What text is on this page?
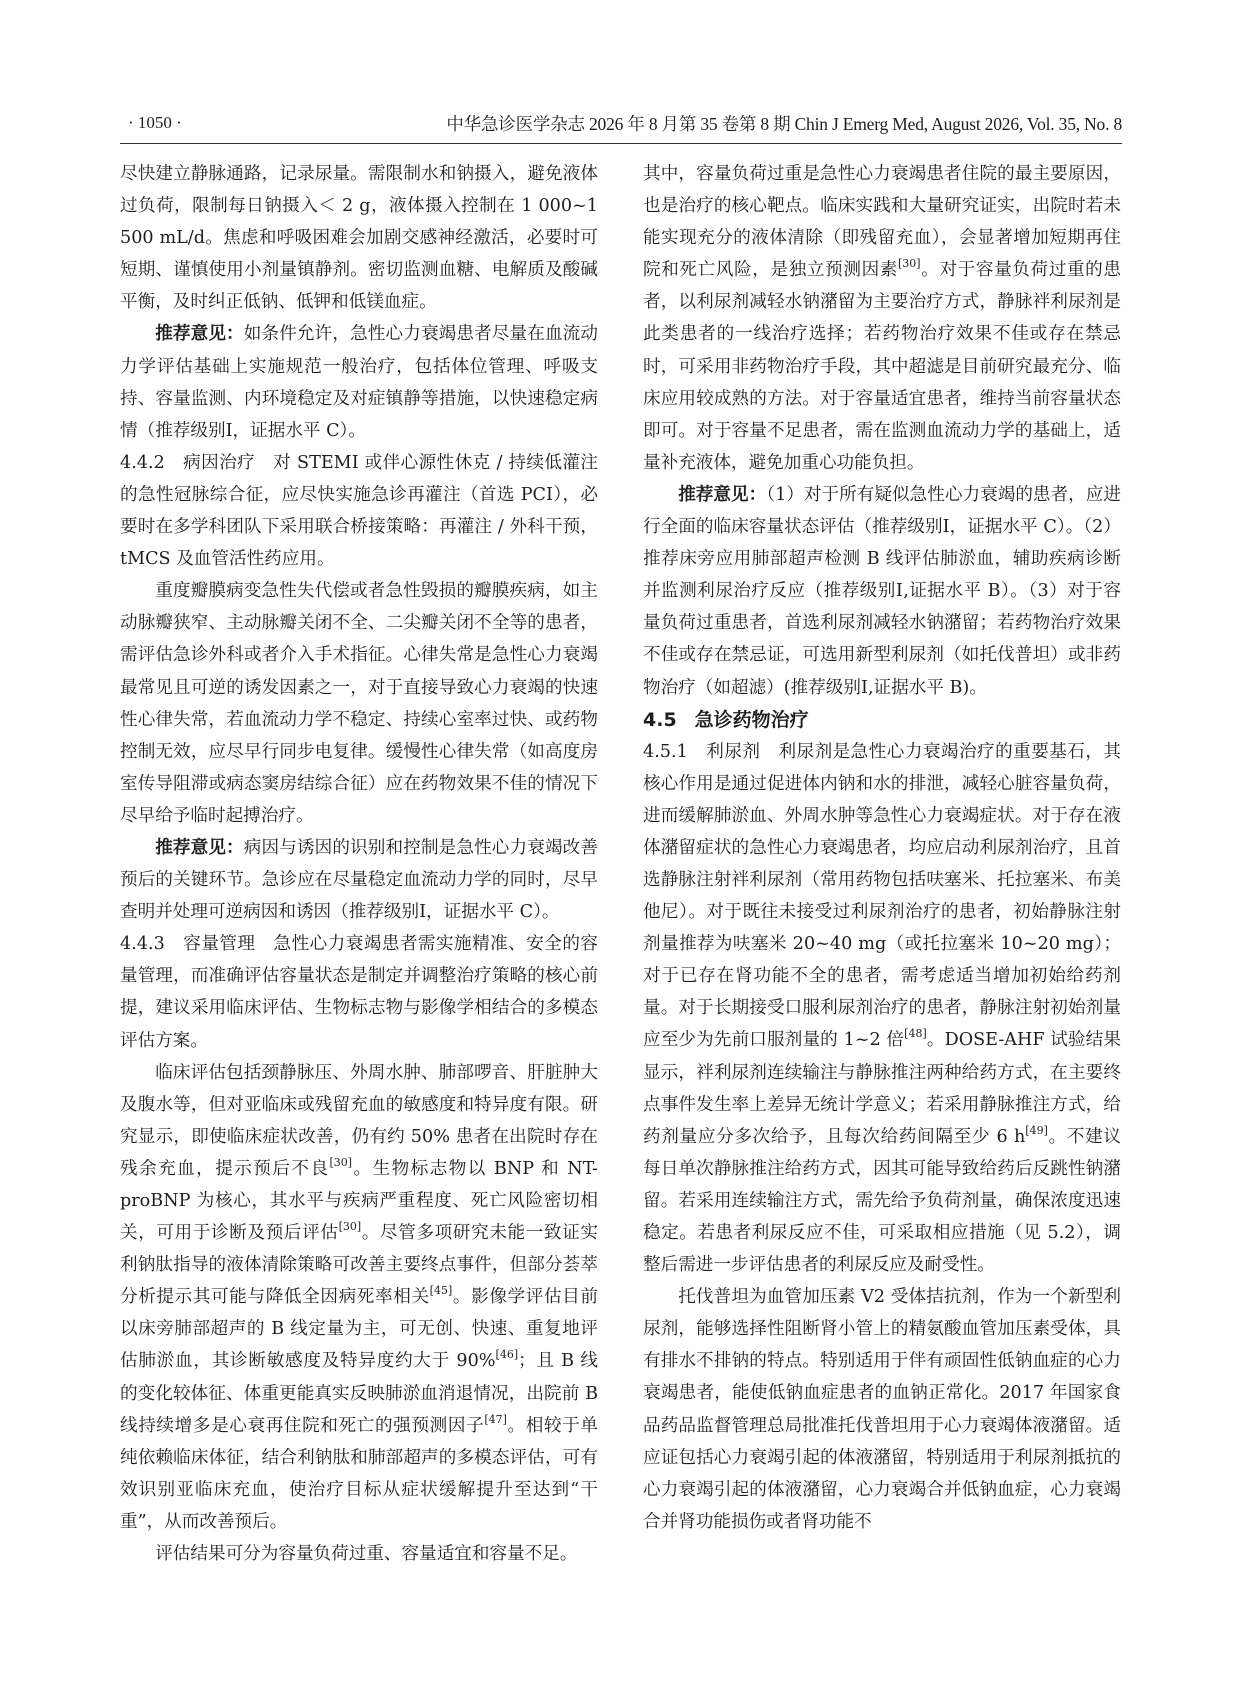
· 1050 ·	中华急诊医学杂志 2026 年 8 月第 35 卷第 8 期 Chin J Emerg Med, August 2026, Vol. 35, No. 8

尽快建立静脉通路，记录尿量。需限制水和钠摄入，避免液体过负荷，限制每日钠摄入＜ 2 g，液体摄入控制在 1 000~1 500 mL/d。焦虑和呼吸困难会加剧交感神经激活，必要时可短期、谨慎使用小剂量镇静剂。密切监测血糖、电解质及酸碱平衡，及时纠正低钠、低钾和低镁血症。

推荐意见：如条件允许，急性心力衰竭患者尽量在血流动力学评估基础上实施规范一般治疗，包括体位管理、呼吸支持、容量监测、内环境稳定及对症镇静等措施，以快速稳定病情（推荐级别Ⅰ，证据水平 C）。

4.4.2　病因治疗　对 STEMI 或伴心源性休克 / 持续低灌注的急性冠脉综合征，应尽快实施急诊再灌注（首选 PCI），必要时在多学科团队下采用联合桥接策略：再灌注 / 外科干预，tMCS 及血管活性药应用。

重度瓣膜病变急性失代偿或者急性毁损的瓣膜疾病，如主动脉瓣狭窄、主动脉瓣关闭不全、二尖瓣关闭不全等的患者，需评估急诊外科或者介入手术指征。心律失常是急性心力衰竭最常见且可逆的诱发因素之一，对于直接导致心力衰竭的快速性心律失常，若血流动力学不稳定、持续心室率过快、或药物控制无效，应尽早行同步电复律。缓慢性心律失常（如高度房室传导阻滞或病态窦房结综合征）应在药物效果不佳的情况下尽早给予临时起搏治疗。

推荐意见：病因与诱因的识别和控制是急性心力衰竭改善预后的关键环节。急诊应在尽量稳定血流动力学的同时，尽早查明并处理可逆病因和诱因（推荐级别Ⅰ，证据水平 C）。

4.4.3　容量管理　急性心力衰竭患者需实施精准、安全的容量管理，而准确评估容量状态是制定并调整治疗策略的核心前提，建议采用临床评估、生物标志物与影像学相结合的多模态评估方案。

临床评估包括颈静脉压、外周水肿、肺部啰音、肝脏肿大及腹水等，但对亚临床或残留充血的敏感度和特异度有限。研究显示，即使临床症状改善，仍有约 50% 患者在出院时存在残余充血，提示预后不良[30]。生物标志物以 BNP 和 NT-proBNP 为核心，其水平与疾病严重程度、死亡风险密切相关，可用于诊断及预后评估[30]。尽管多项研究未能一致证实利钠肽指导的液体清除策略可改善主要终点事件，但部分荟萃分析提示其可能与降低全因病死率相关[45]。影像学评估目前以床旁肺部超声的 B 线定量为主，可无创、快速、重复地评估肺淤血，其诊断敏感度及特异度约大于 90%[46]；且 B 线的变化较体征、体重更能真实反映肺淤血消退情况，出院前 B 线持续增多是心衰再住院和死亡的强预测因子[47]。相较于单纯依赖临床体征，结合利钠肽和肺部超声的多模态评估，可有效识别亚临床充血，使治疗目标从症状缓解提升至达到“干重”，从而改善预后。

评估结果可分为容量负荷过重、容量适宜和容量不足。

其中，容量负荷过重是急性心力衰竭患者住院的最主要原因，也是治疗的核心靶点。临床实践和大量研究证实，出院时若未能实现充分的液体清除（即残留充血），会显著增加短期再住院和死亡风险，是独立预测因素[30]。对于容量负荷过重的患者，以利尿剂减轻水钠潴留为主要治疗方式，静脉袢利尿剂是此类患者的一线治疗选择；若药物治疗效果不佳或存在禁忌时，可采用非药物治疗手段，其中超滤是目前研究最充分、临床应用较成熟的方法。对于容量适宜患者，维持当前容量状态即可。对于容量不足患者，需在监测血流动力学的基础上，适量补充液体，避免加重心功能负担。

推荐意见：（1）对于所有疑似急性心力衰竭的患者，应进行全面的临床容量状态评估（推荐级别Ⅰ，证据水平 C）。（2）推荐床旁应用肺部超声检测 B 线评估肺淤血，辅助疾病诊断并监测利尿治疗反应（推荐级别Ⅰ,证据水平 B）。（3）对于容量负荷过重患者，首选利尿剂减轻水钠潴留；若药物治疗效果不佳或存在禁忌证，可选用新型利尿剂（如托伐普坦）或非药物治疗（如超滤）(推荐级别Ⅰ,证据水平 B)。

4.5 急诊药物治疗

4.5.1　利尿剂　利尿剂是急性心力衰竭治疗的重要基石，其核心作用是通过促进体内钠和水的排泄，减轻心脏容量负荷，进而缓解肺淤血、外周水肿等急性心力衰竭症状。对于存在液体潴留症状的急性心力衰竭患者，均应启动利尿剂治疗，且首选静脉注射袢利尿剂（常用药物包括呋塞米、托拉塞米、布美他尼）。对于既往未接受过利尿剂治疗的患者，初始静脉注射剂量推荐为呋塞米 20~40 mg（或托拉塞米 10~20 mg）；对于已存在肾功能不全的患者，需考虑适当增加初始给药剂量。对于长期接受口服利尿剂治疗的患者，静脉注射初始剂量应至少为先前口服剂量的 1~2 倍[48]。DOSE-AHF 试验结果显示，袢利尿剂连续输注与静脉推注两种给药方式，在主要终点事件发生率上差异无统计学意义；若采用静脉推注方式，给药剂量应分多次给予，且每次给药间隔至少 6 h[49]。不建议每日单次静脉推注给药方式，因其可能导致给药后反跳性钠潴留。若采用连续输注方式，需先给予负荷剂量，确保浓度迅速稳定。若患者利尿反应不佳，可采取相应措施（见 5.2），调整后需进一步评估患者的利尿反应及耐受性。

托伐普坦为血管加压素 V2 受体拮抗剂，作为一个新型利尿剂，能够选择性阻断肾小管上的精氨酸血管加压素受体，具有排水不排钠的特点。特别适用于伴有顽固性低钠血症的心力衰竭患者，能使低钠血症患者的血钠正常化。2017 年国家食品药品监督管理总局批准托伐普坦用于心力衰竭体液潴留。适应证包括心力衰竭引起的体液潴留，特别适用于利尿剂抵抗的心力衰竭引起的体液潴留，心力衰竭合并低钠血症，心力衰竭合并肾功能损伤或者肾功能不
